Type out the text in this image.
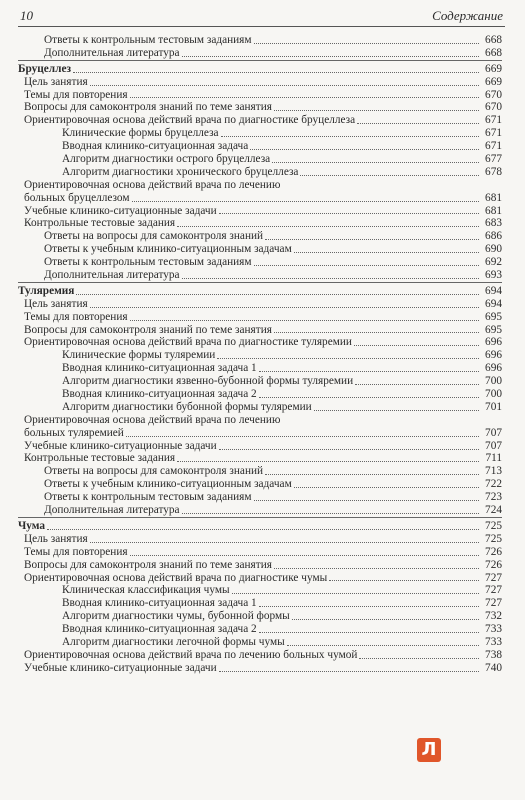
10	Содержание
Ответы к контрольным тестовым заданиям	668
Дополнительная литература	668
Бруцеллез	669
Цель занятия	669
Темы для повторения	670
Вопросы для самоконтроля знаний по теме занятия	670
Ориентировочная основа действий врача по диагностике бруцеллеза	671
Клинические формы бруцеллеза	671
Вводная клинико-ситуационная задача	671
Алгоритм диагностики острого бруцеллеза	677
Алгоритм диагностики хронического бруцеллеза	678
Ориентировочная основа действий врача по лечению
больных бруцеллезом	681
Учебные клинико-ситуационные задачи	681
Контрольные тестовые задания	683
Ответы на вопросы для самоконтроля знаний	686
Ответы к учебным клинико-ситуационным задачам	690
Ответы к контрольным тестовым заданиям	692
Дополнительная литература	693
Туляремия	694
Цель занятия	694
Темы для повторения	695
Вопросы для самоконтроля знаний по теме занятия	695
Ориентировочная основа действий врача по диагностике туляремии	696
Клинические формы туляремии	696
Вводная клинико-ситуационная задача 1	696
Алгоритм диагностики язвенно-бубонной формы туляремии	700
Вводная клинико-ситуационная задача 2	700
Алгоритм диагностики бубонной формы туляремии	701
Ориентировочная основа действий врача по лечению
больных туляремией	707
Учебные клинико-ситуационные задачи	707
Контрольные тестовые задания	711
Ответы на вопросы для самоконтроля знаний	713
Ответы к учебным клинико-ситуационным задачам	722
Ответы к контрольным тестовым заданиям	723
Дополнительная литература	724
Чума	725
Цель занятия	725
Темы для повторения	726
Вопросы для самоконтроля знаний по теме занятия	726
Ориентировочная основа действий врача по диагностике чумы	727
Клиническая классификация чумы	727
Вводная клинико-ситуационная задача 1	727
Алгоритм диагностики чумы, бубонной формы	732
Вводная клинико-ситуационная задача 2	733
Алгоритм диагностики легочной формы чумы	733
Ориентировочная основа действий врача по лечению больных чумой	738
Учебные клинико-ситуационные задачи	740
Л
